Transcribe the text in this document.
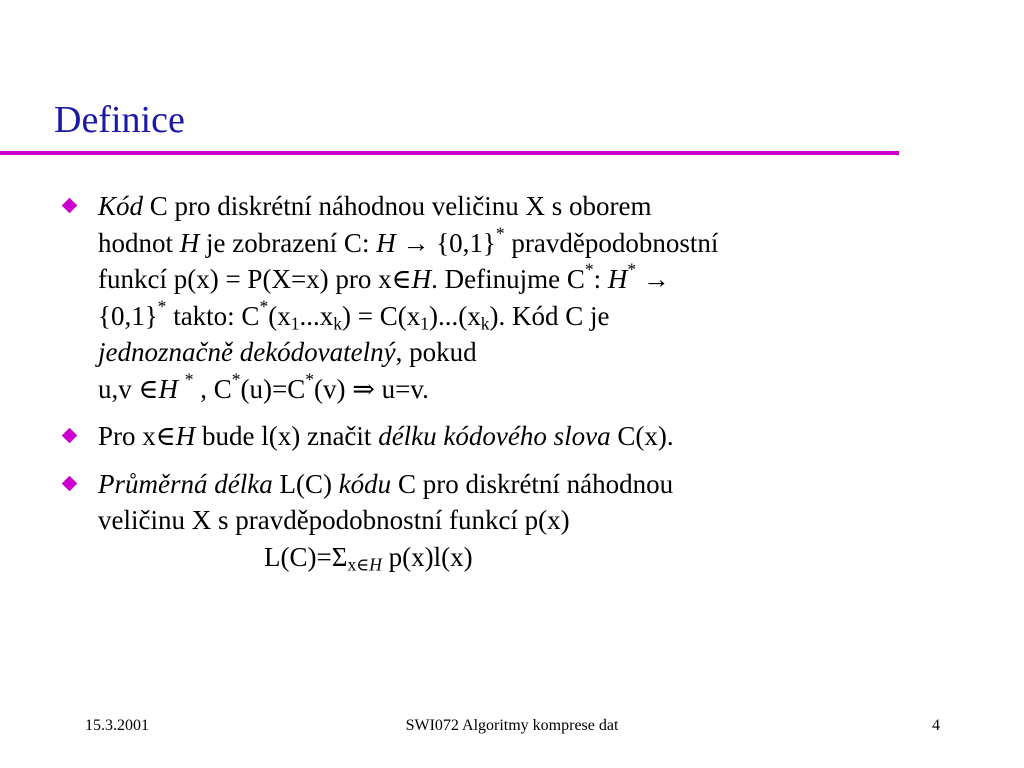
Definice
Kód C pro diskrétní náhodnou veličinu X s oborem
hodnot H je zobrazení C: H → {0,1}* pravděpodobnostní
funkcí p(x) = P(X=x) pro x∈H. Definujme C*: H* →
{0,1}* takto: $C^*(x_1...x_k) = C(x_1)...(x_k)$. Kód C je
jednoznačně dekódovatelný, pokud
u,v ∈H * , C*(u)=C*(v) ⇒ u=v.
Pro x∈H bude l(x) značit délku kódového slova C(x).
Průměrná délka L(C) kódu C pro diskrétní náhodnou
veličinu X s pravděpodobnostní funkcí p(x)
$L(C)=\Sigma_{x\in H}$ p(x)l(x)
15.3.2001	SWI072 Algoritmy komprese dat	4
